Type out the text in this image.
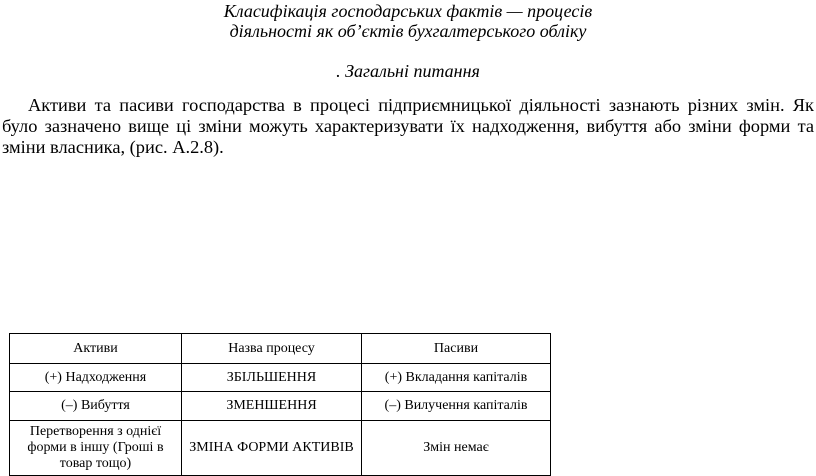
Класифікація господарських фактів — процесів
діяльності як об’єктів бухгалтерського обліку
. Загальні питання

Активи та пасиви господарства в процесі підприємницької діяльності зазнають різних змін. Як було зазначено вище ці зміни можуть характеризувати їх надходження, вибуття або зміни форми та зміни власника, (рис. А.2.8).

Активи	Назва процесу	Пасиви
(+) Надходження	ЗБІЛЬШЕННЯ	(+) Вкладання капіталів
(–) Вибуття	ЗМЕНШЕННЯ	(–) Вилучення капіталів
Перетворення з однієї форми в іншу (Гроші в товар тощо)	ЗМІНА ФОРМИ АКТИВІВ	Змін немає
